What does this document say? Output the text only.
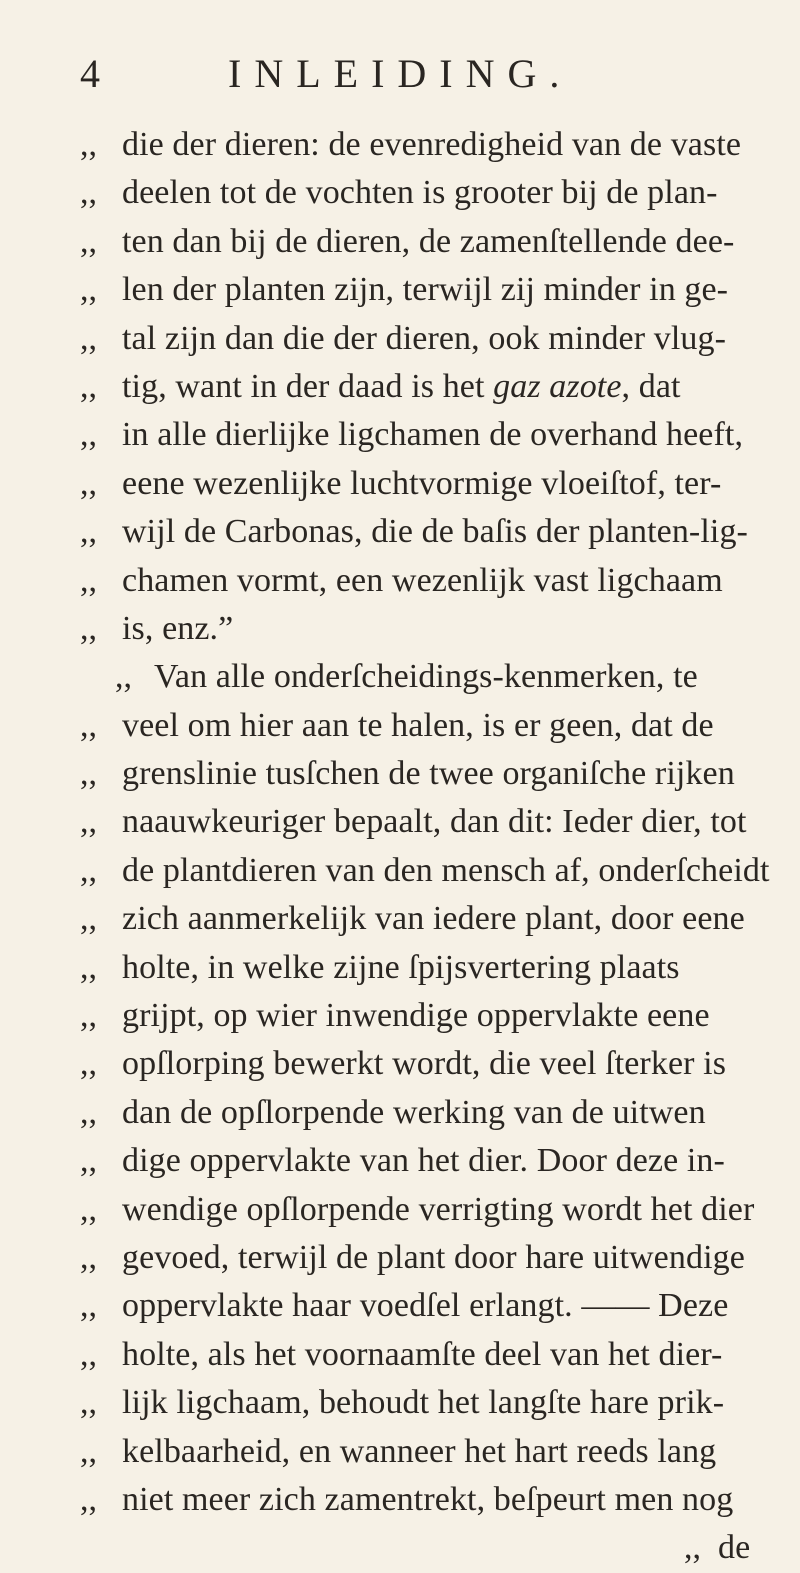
4	INLEIDING.
,, die der dieren: de evenredigheid van de vaste
,, deelen tot de vochten is grooter bij de plan-
,, ten dan bij de dieren, de zamenſtellende dee-
,, len der planten zijn, terwijl zij minder in ge-
,, tal zijn dan die der dieren, ook minder vlug-
,, tig, want in der daad is het gaz azote, dat
,, in alle dierlijke ligchamen de overhand heeft,
,, eene wezenlijke luchtvormige vloeiſtof, ter-
,, wijl de Carbonas, die de baſis der planten-lig-
,, chamen vormt, een wezenlijk vast ligchaam
,, is, enz.”
,, Van alle onderſcheidings-kenmerken, te
,, veel om hier aan te halen, is er geen, dat de
,, grenslinie tusſchen de twee organiſche rijken
,, naauwkeuriger bepaalt, dan dit: Ieder dier, tot
,, de plantdieren van den mensch af, onderſcheidt
,, zich aanmerkelijk van iedere plant, door eene
,, holte, in welke zijne ſpijsvertering plaats
,, grijpt, op wier inwendige oppervlakte eene
,, opſlorping bewerkt wordt, die veel ſterker is
,, dan de opſlorpende werking van de uitwen
,, dige oppervlakte van het dier. Door deze in-
,, wendige opſlorpende verrigting wordt het dier
,, gevoed, terwijl de plant door hare uitwendige
,, oppervlakte haar voedſel erlangt. —— Deze
,, holte, als het voornaamſte deel van het dier-
,, lijk ligchaam, behoudt het langſte hare prik-
,, kelbaarheid, en wanneer het hart reeds lang
,, niet meer zich zamentrekt, beſpeurt men nog
,, de
